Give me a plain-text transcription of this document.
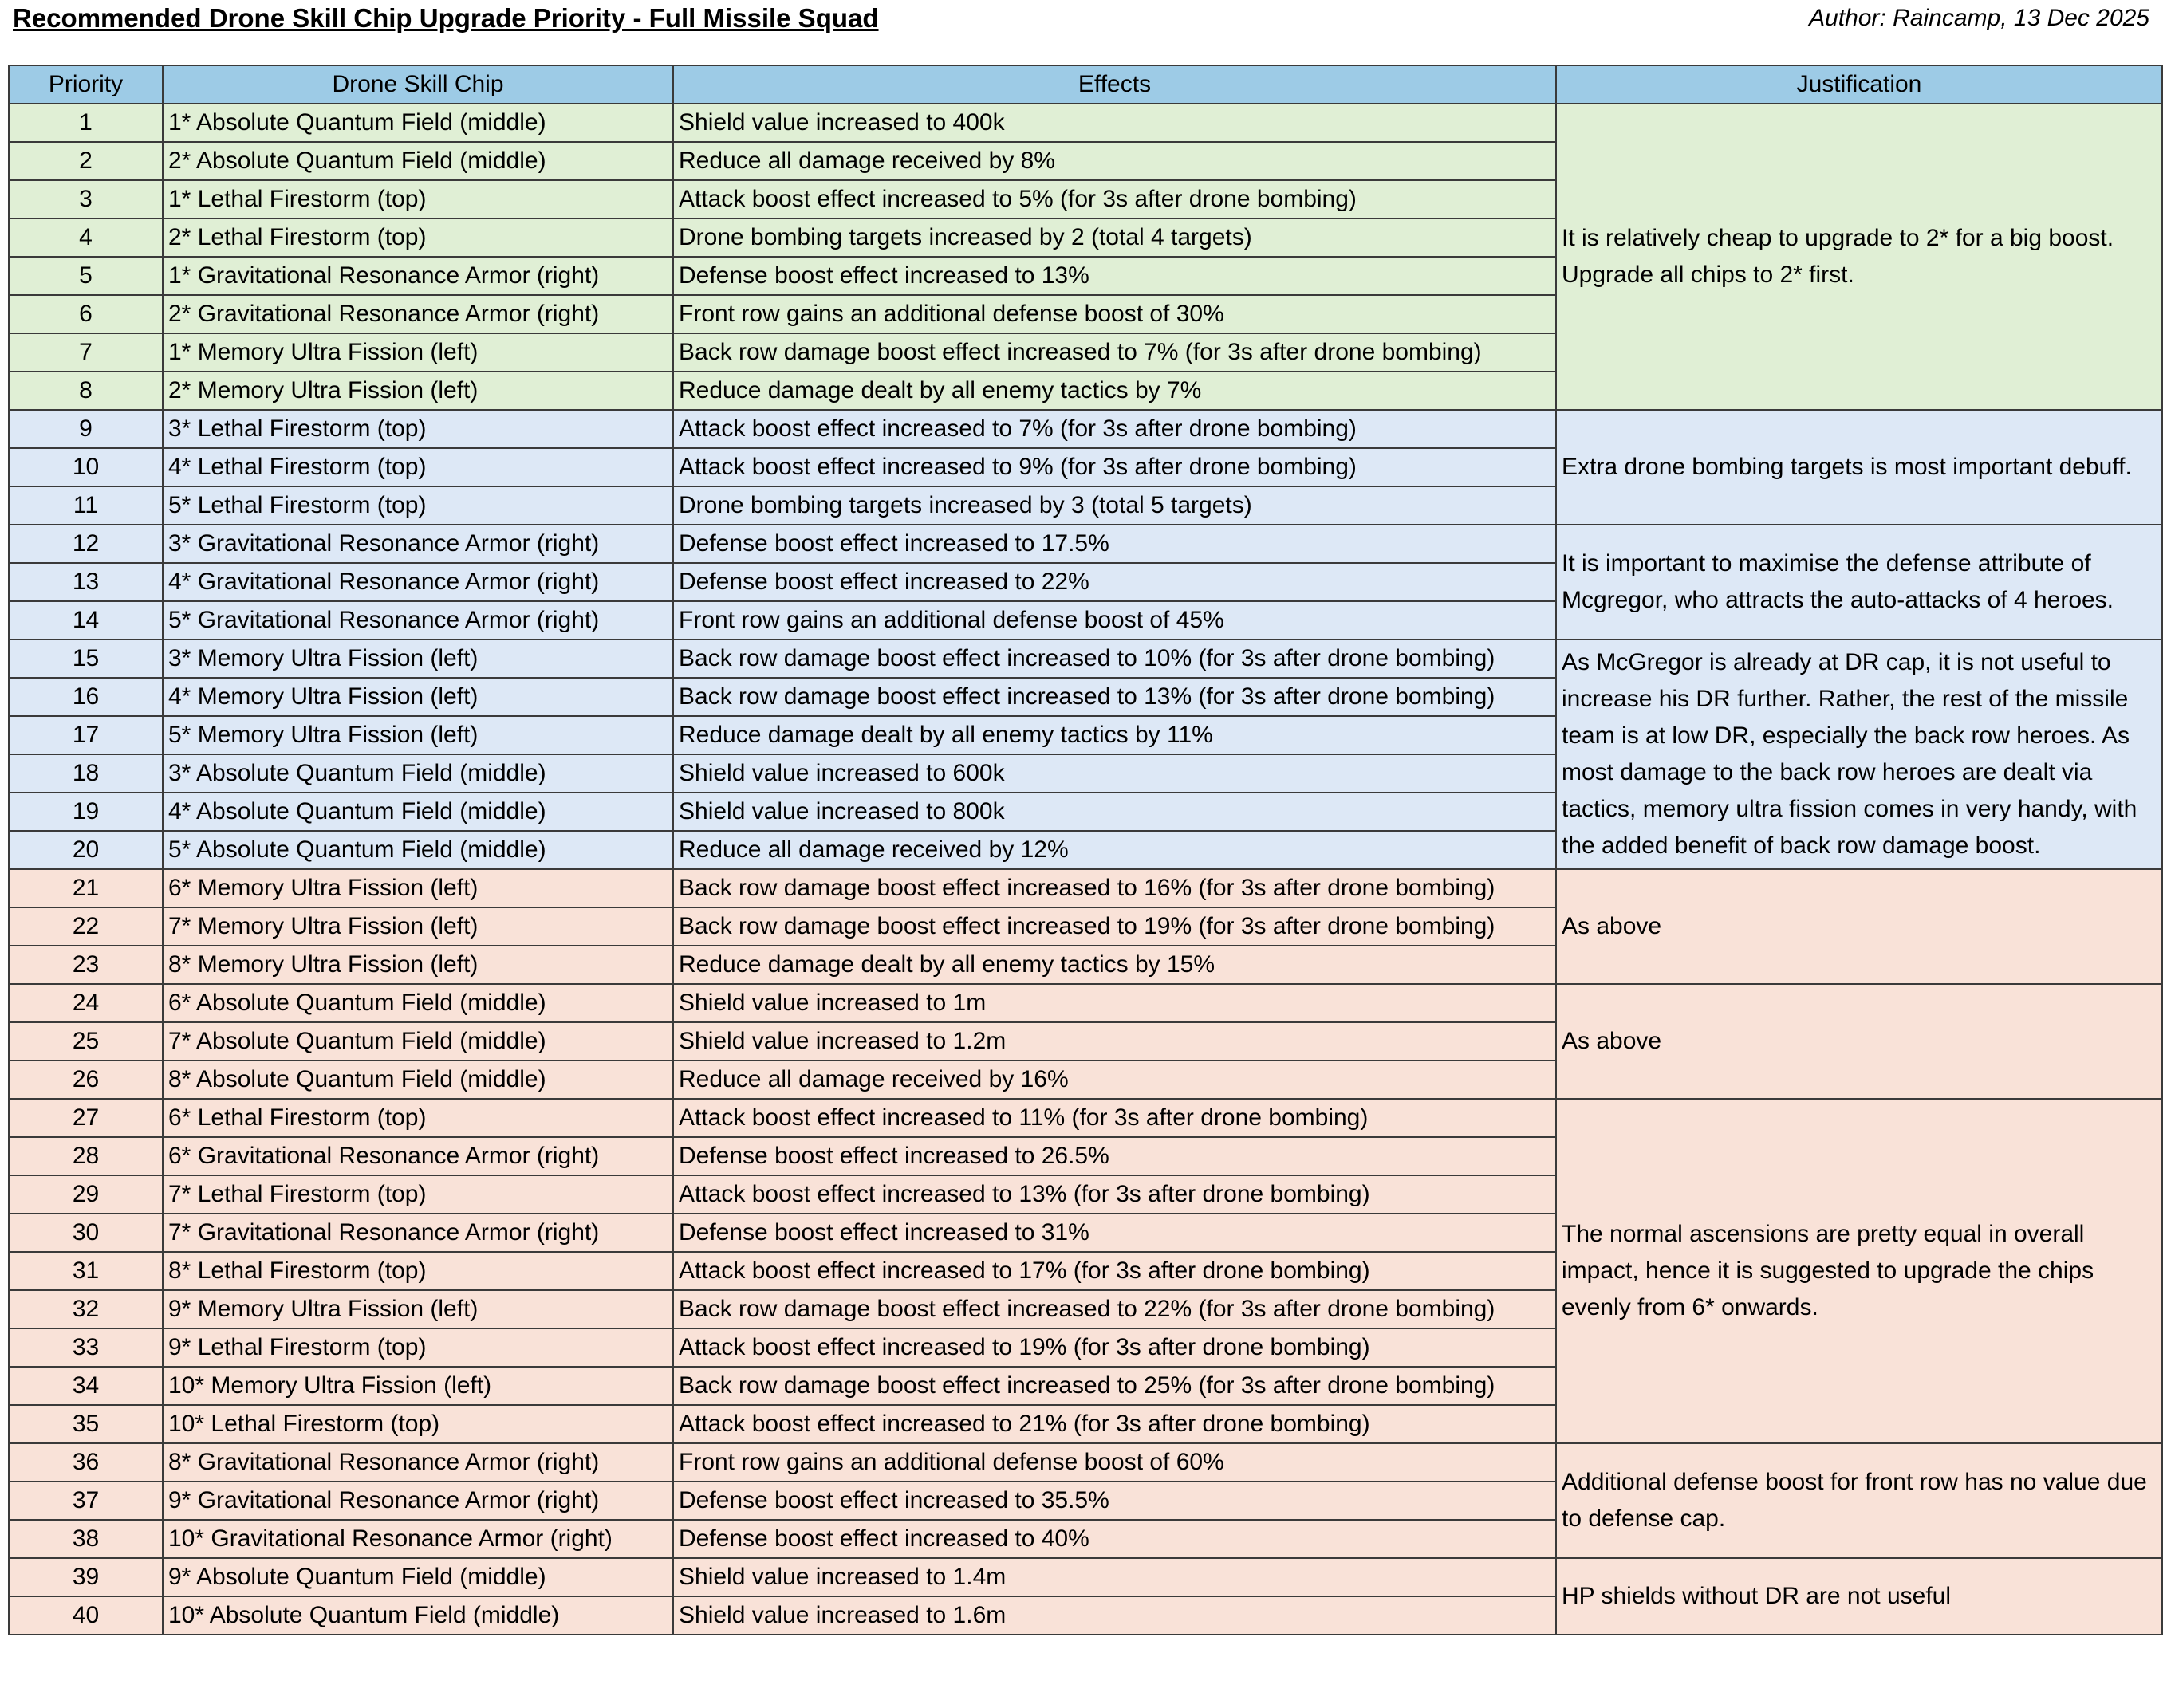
Recommended Drone Skill Chip Upgrade Priority - Full Missile Squad	Author: Raincamp, 13 Dec 2025
Priority	Drone Skill Chip	Effects	Justification
1	1* Absolute Quantum Field (middle)	Shield value increased to 400k	It is relatively cheap to upgrade to 2* for a big boost. Upgrade all chips to 2* first.
2	2* Absolute Quantum Field (middle)	Reduce all damage received by 8%	
3	1* Lethal Firestorm (top)	Attack boost effect increased to 5% (for 3s after drone bombing)	
4	2* Lethal Firestorm (top)	Drone bombing targets increased by 2 (total 4 targets)	
5	1* Gravitational Resonance Armor (right)	Defense boost effect increased to 13%	
6	2* Gravitational Resonance Armor (right)	Front row gains an additional defense boost of 30%	
7	1* Memory Ultra Fission (left)	Back row damage boost effect increased to 7% (for 3s after drone bombing)	
8	2* Memory Ultra Fission (left)	Reduce damage dealt by all enemy tactics by 7%	
9	3* Lethal Firestorm (top)	Attack boost effect increased to 7% (for 3s after drone bombing)	Extra drone bombing targets is most important debuff.
10	4* Lethal Firestorm (top)	Attack boost effect increased to 9% (for 3s after drone bombing)	
11	5* Lethal Firestorm (top)	Drone bombing targets increased by 3 (total 5 targets)	
12	3* Gravitational Resonance Armor (right)	Defense boost effect increased to 17.5%	It is important to maximise the defense attribute of Mcgregor, who attracts the auto-attacks of 4 heroes.
13	4* Gravitational Resonance Armor (right)	Defense boost effect increased to 22%	
14	5* Gravitational Resonance Armor (right)	Front row gains an additional defense boost of 45%	
15	3* Memory Ultra Fission (left)	Back row damage boost effect increased to 10% (for 3s after drone bombing)	As McGregor is already at DR cap, it is not useful to increase his DR further. Rather, the rest of the missile team is at low DR, especially the back row heroes. As most damage to the back row heroes are dealt via tactics, memory ultra fission comes in very handy, with the added benefit of back row damage boost.
16	4* Memory Ultra Fission (left)	Back row damage boost effect increased to 13% (for 3s after drone bombing)	
17	5* Memory Ultra Fission (left)	Reduce damage dealt by all enemy tactics by 11%	
18	3* Absolute Quantum Field (middle)	Shield value increased to 600k	
19	4* Absolute Quantum Field (middle)	Shield value increased to 800k	
20	5* Absolute Quantum Field (middle)	Reduce all damage received by 12%	
21	6* Memory Ultra Fission (left)	Back row damage boost effect increased to 16% (for 3s after drone bombing)	As above
22	7* Memory Ultra Fission (left)	Back row damage boost effect increased to 19% (for 3s after drone bombing)	
23	8* Memory Ultra Fission (left)	Reduce damage dealt by all enemy tactics by 15%	
24	6* Absolute Quantum Field (middle)	Shield value increased to 1m	As above
25	7* Absolute Quantum Field (middle)	Shield value increased to 1.2m	
26	8* Absolute Quantum Field (middle)	Reduce all damage received by 16%	
27	6* Lethal Firestorm (top)	Attack boost effect increased to 11% (for 3s after drone bombing)	The normal ascensions are pretty equal in overall impact, hence it is suggested to upgrade the chips evenly from 6* onwards.
28	6* Gravitational Resonance Armor (right)	Defense boost effect increased to 26.5%	
29	7* Lethal Firestorm (top)	Attack boost effect increased to 13% (for 3s after drone bombing)	
30	7* Gravitational Resonance Armor (right)	Defense boost effect increased to 31%	
31	8* Lethal Firestorm (top)	Attack boost effect increased to 17% (for 3s after drone bombing)	
32	9* Memory Ultra Fission (left)	Back row damage boost effect increased to 22% (for 3s after drone bombing)	
33	9* Lethal Firestorm (top)	Attack boost effect increased to 19% (for 3s after drone bombing)	
34	10* Memory Ultra Fission (left)	Back row damage boost effect increased to 25% (for 3s after drone bombing)	
35	10* Lethal Firestorm (top)	Attack boost effect increased to 21% (for 3s after drone bombing)	
36	8* Gravitational Resonance Armor (right)	Front row gains an additional defense boost of 60%	Additional defense boost for front row has no value due to defense cap.
37	9* Gravitational Resonance Armor (right)	Defense boost effect increased to 35.5%	
38	10* Gravitational Resonance Armor (right)	Defense boost effect increased to 40%	
39	9* Absolute Quantum Field (middle)	Shield value increased to 1.4m	HP shields without DR are not useful
40	10* Absolute Quantum Field (middle)	Shield value increased to 1.6m	
